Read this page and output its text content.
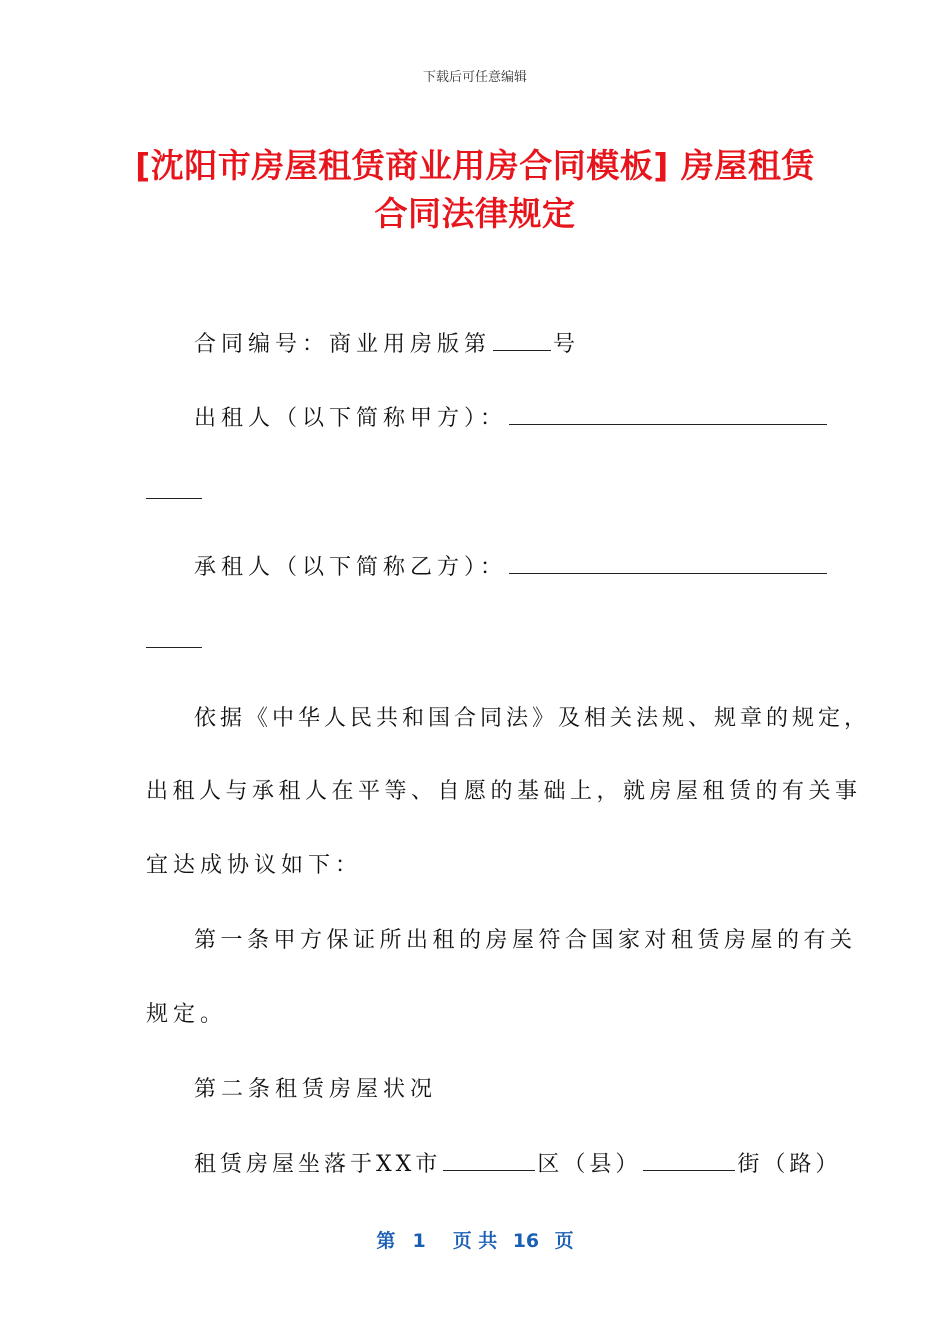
下载后可任意编辑
[沈阳市房屋租赁商业用房合同模板] 房屋租赁合同法律规定
合同编号：商业用房版第	号
出租人（以下简称甲方）：
承租人（以下简称乙方）：
依据《中华人民共和国合同法》及相关法规、规章的规定，
出租人与承租人在平等、自愿的基础上，就房屋租赁的有关事
宜达成协议如下：
第一条甲方保证所出租的房屋符合国家对租赁房屋的有关
规定。
第二条租赁房屋状况
租赁房屋坐落于XX市	区（县）	街（路）
第 1 页 共 16 页
